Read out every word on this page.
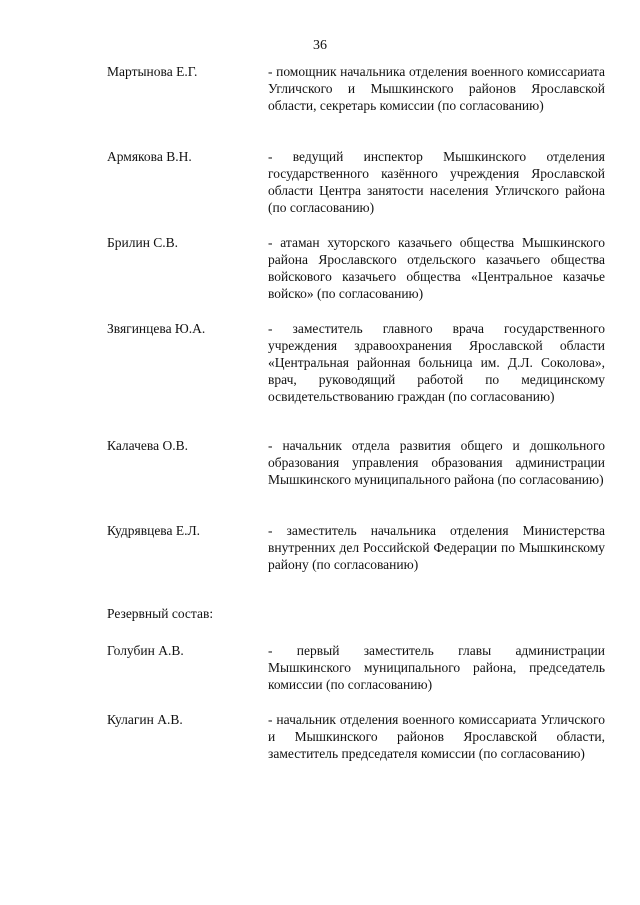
36
Мартынова Е.Г.	- помощник начальника отделения военного комиссариата Угличского и Мышкинского районов Ярославской области, секретарь комиссии (по согласованию)
Армякова В.Н.	- ведущий инспектор Мышкинского отделения государственного казённого учреждения Ярославской области Центра занятости населения Угличского района (по согласованию)
Брилин С.В.	- атаман хуторского казачьего общества Мышкинского района Ярославского отдельского казачьего общества войскового казачьего общества «Центральное казачье войско» (по согласованию)
Звягинцева Ю.А.	- заместитель главного врача государственного учреждения здравоохранения Ярославской области «Центральная районная больница им. Д.Л. Соколова», врач, руководящий работой по медицинскому освидетельствованию граждан (по согласованию)
Калачева О.В.	- начальник отдела развития общего и дошкольного образования управления образования администрации Мышкинского муниципального района (по согласованию)
Кудрявцева Е.Л.	- заместитель начальника отделения Министерства внутренних дел Российской Федерации по Мышкинскому району (по согласованию)
Резервный состав:
Голубин А.В.	- первый заместитель главы администрации Мышкинского муниципального района, председатель комиссии (по согласованию)
Кулагин А.В.	- начальник отделения военного комиссариата Угличского и Мышкинского районов Ярославской области, заместитель председателя комиссии (по согласованию)
